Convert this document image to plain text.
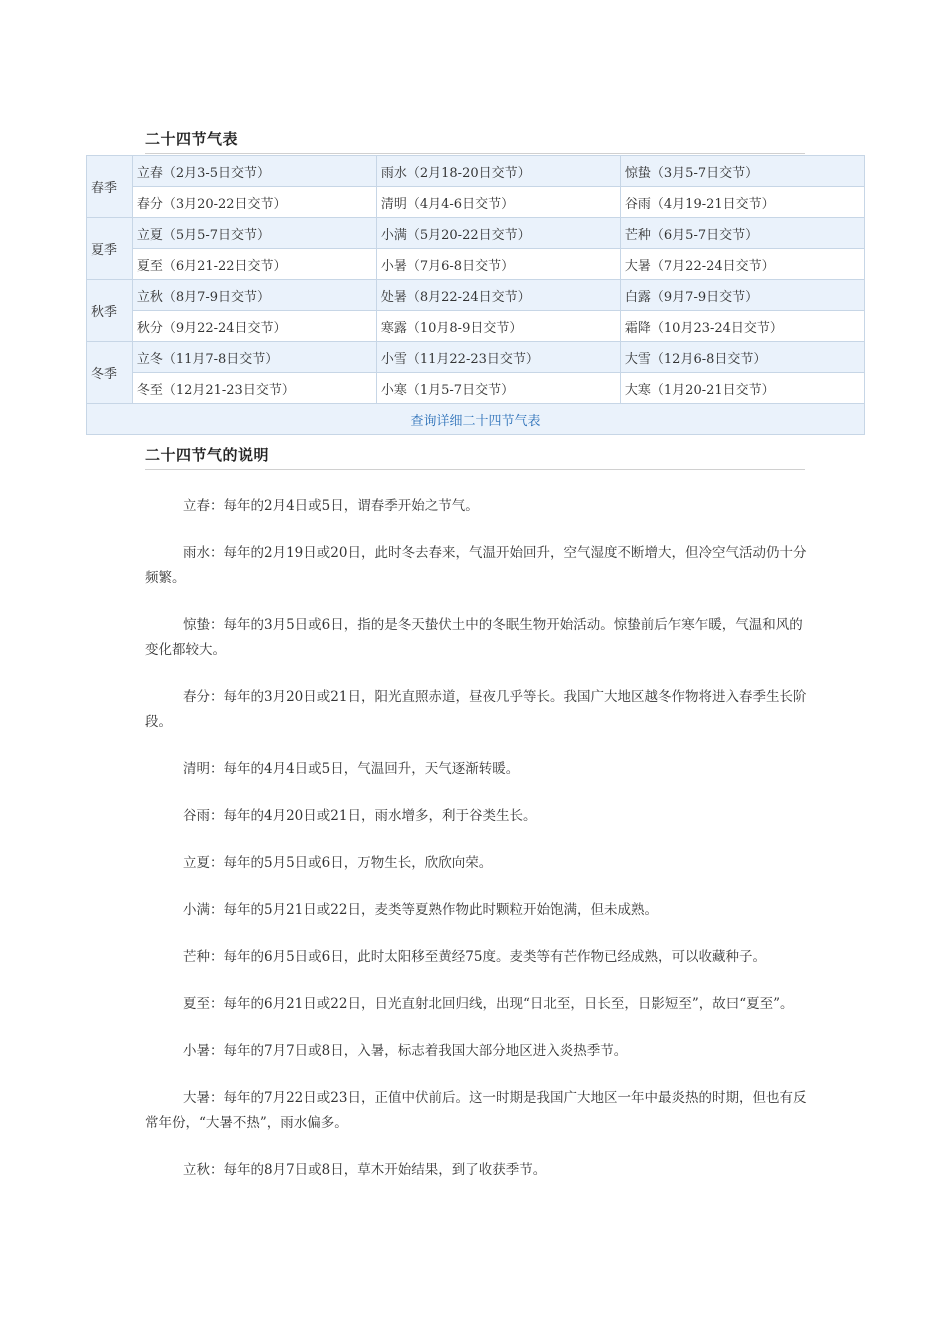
二十四节气表
春季	立春（2月3-5日交节）	雨水（2月18-20日交节）	惊蛰（3月5-7日交节）
	春分（3月20-22日交节）	清明（4月4-6日交节）	谷雨（4月19-21日交节）
夏季	立夏（5月5-7日交节）	小满（5月20-22日交节）	芒种（6月5-7日交节）
	夏至（6月21-22日交节）	小暑（7月6-8日交节）	大暑（7月22-24日交节）
秋季	立秋（8月7-9日交节）	处暑（8月22-24日交节）	白露（9月7-9日交节）
	秋分（9月22-24日交节）	寒露（10月8-9日交节）	霜降（10月23-24日交节）
冬季	立冬（11月7-8日交节）	小雪（11月22-23日交节）	大雪（12月6-8日交节）
	冬至（12月21-23日交节）	小寒（1月5-7日交节）	大寒（1月20-21日交节）
查询详细二十四节气表			
二十四节气的说明

立春：每年的2月4日或5日，谓春季开始之节气。

雨水：每年的2月19日或20日，此时冬去春来，气温开始回升，空气湿度不断增大，但冷空气活动仍十分频繁。

惊蛰：每年的3月5日或6日，指的是冬天蛰伏土中的冬眠生物开始活动。惊蛰前后乍寒乍暖，气温和风的变化都较大。

春分：每年的3月20日或21日，阳光直照赤道，昼夜几乎等长。我国广大地区越冬作物将进入春季生长阶段。

清明：每年的4月4日或5日，气温回升，天气逐渐转暖。

谷雨：每年的4月20日或21日，雨水增多，利于谷类生长。

立夏：每年的5月5日或6日，万物生长，欣欣向荣。

小满：每年的5月21日或22日，麦类等夏熟作物此时颗粒开始饱满，但未成熟。

芒种：每年的6月5日或6日，此时太阳移至黄经75度。麦类等有芒作物已经成熟，可以收藏种子。

夏至：每年的6月21日或22日，日光直射北回归线，出现“日北至，日长至，日影短至”，故曰“夏至”。

小暑：每年的7月7日或8日，入暑，标志着我国大部分地区进入炎热季节。

大暑：每年的7月22日或23日，正值中伏前后。这一时期是我国广大地区一年中最炎热的时期，但也有反常年份，“大暑不热”，雨水偏多。

立秋：每年的8月7日或8日，草木开始结果，到了收获季节。
